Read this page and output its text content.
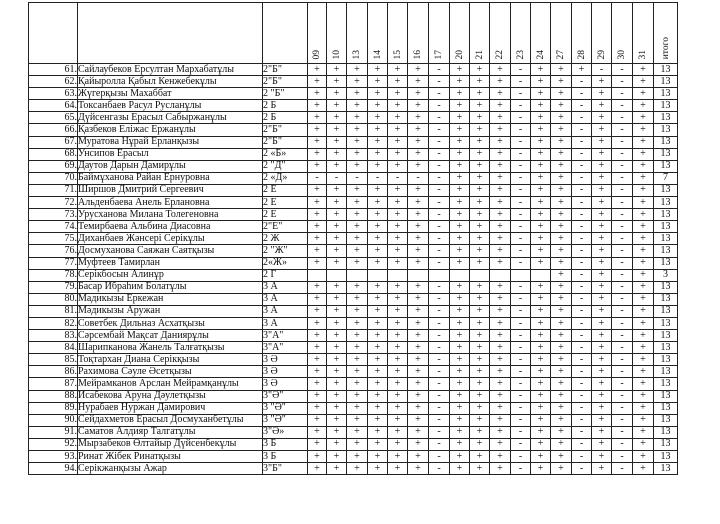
			09	10	13	14	15	16	17	20	21	22	23	24	27	28	29	30	31	итого

61.	Сайлаубеков Ерсултан Мархабатұлы	2"Б"	+	+	+	+	+	+	-	+	+	+	-	+	+	+	-	-	+	13
62.	Қайыролла Қабыл Кенжебекұлы	2"Б"	+	+	+	+	+	+	-	+	+	+	-	+	+	-	+	-	+	13
63.	Жүгерқызы Махаббат	2 "Б"	+	+	+	+	+	+	-	+	+	+	-	+	+	-	+	-	+	13
64.	Токсанбаев Расул Русланұлы	2 Б	+	+	+	+	+	+	-	+	+	+	-	+	+	-	+	-	+	13
65.	Дүйсенгазы Ерасыл Сабыржанұлы	2 Б	+	+	+	+	+	+	-	+	+	+	-	+	+	-	+	-	+	13
66.	Қазбеков Еліжас Ержанұлы	2"Б"	+	+	+	+	+	+	-	+	+	+	-	+	+	-	+	-	+	13
67.	Муратова Нұрай Ерланқызы	2"Б"	+	+	+	+	+	+	-	+	+	+	-	+	+	-	+	-	+	13
68.	Унсипов Ерасыл	2 «Б»	+	+	+	+	+	+	-	+	+	+	-	+	+	-	+	-	+	13
69.	Даутов Дарын Дамирұлы	2 "Д"	+	+	+	+	+	+	-	+	+	+	-	+	+	-	+	-	+	13
70.	Баймұханова Райан Ернуровна	2 «Д»	-	-	-	-	-	-	-	+	+	+	-	+	+	-	+	-	+	7
71.	Ширшов Дмитрий Сергеевич	2 Е	+	+	+	+	+	+	-	+	+	+	-	+	+	-	+	-	+	13
72.	Альденбаева Анель Ерлановна	2 Е	+	+	+	+	+	+	-	+	+	+	-	+	+	-	+	-	+	13
73.	Урусханова Милана Толегеновна	2 Е	+	+	+	+	+	+	-	+	+	+	-	+	+	-	+	-	+	13
74.	Темирбаева Альбина Диасовна	2"Е"	+	+	+	+	+	+	-	+	+	+	-	+	+	-	+	-	+	13
75.	Диханбаев Жәнсері Серікұлы	2 Ж	+	+	+	+	+	+	-	+	+	+	-	+	+	-	+	-	+	13
76.	Досмуханова Саяжан Саятқызы	2 "Ж"	+	+	+	+	+	+	-	+	+	+	-	+	+	-	+	-	+	13
77.	Муфтеев Тамирлан	2«Ж»	+	+	+	+	+	+	-	+	+	+	-	+	+	-	+	-	+	13
78.	Серікбосын Алинұр	2 Г													+	-	+	-	+	3
79.	Басар Ибраһим Болатұлы	3 А	+	+	+	+	+	+	-	+	+	+	-	+	+	-	+	-	+	13
80.	Мадикызы Еркежан	3 А	+	+	+	+	+	+	-	+	+	+	-	+	+	-	+	-	+	13
81.	Мәдикызы Аружан	3 А	+	+	+	+	+	+	-	+	+	+	-	+	+	-	+	-	+	13
82.	Советбек Дильназ Асхатқызы	3 А	+	+	+	+	+	+	-	+	+	+	-	+	+	-	+	-	+	13
83.	Сәрсембай Мақсат Даниярұлы	3"А"	+	+	+	+	+	+	-	+	+	+	-	+	+	-	+	-	+	13
84.	Шарипканова Жанель Талғатқызы	3"А"	+	+	+	+	+	+	-	+	+	+	-	+	+	-	+	-	+	13
85.	Тоқтархан Диана Серікқызы	3 Ә	+	+	+	+	+	+	-	+	+	+	-	+	+	-	+	-	+	13
86.	Рахимова Сәуле Әсетқызы	3 Ә	+	+	+	+	+	+	-	+	+	+	-	+	+	-	+	-	+	13
87.	Мейрамканов Арслан Мейрамқанұлы	3 Ә	+	+	+	+	+	+	-	+	+	+	-	+	+	-	+	-	+	13
88.	Исабекова Аруна Дәулетқызы	3"Ә"	+	+	+	+	+	+	-	+	+	+	-	+	+	-	+	-	+	13
89.	Нурабаев Нуржан Дамирович	3 "Ә"	+	+	+	+	+	+	-	+	+	+	-	+	+	-	+	-	+	13
90.	Сейдахметов Ерасыл Досмуханбетұлы	3 "Ә"	+	+	+	+	+	+	-	+	+	+	-	+	+	-	+	-	+	13
91.	Саматов Алдияр Талгатұлы	3"Ә»	+	+	+	+	+	+	-	+	+	+	-	+	+	-	+	-	+	13
92.	Мырзабеков Өлтайыр Дүйсенбекұлы	3 Б	+	+	+	+	+	+	-	+	+	+	-	+	+	-	+	-	+	13
93.	Ринат Жібек Ринатқызы	3 Б	+	+	+	+	+	+	-	+	+	+	-	+	+	-	+	-	+	13
94.	Серікжанқызы Ажар	3"Б"	+	+	+	+	+	+	-	+	+	+	-	+	+	-	+	-	+	13
